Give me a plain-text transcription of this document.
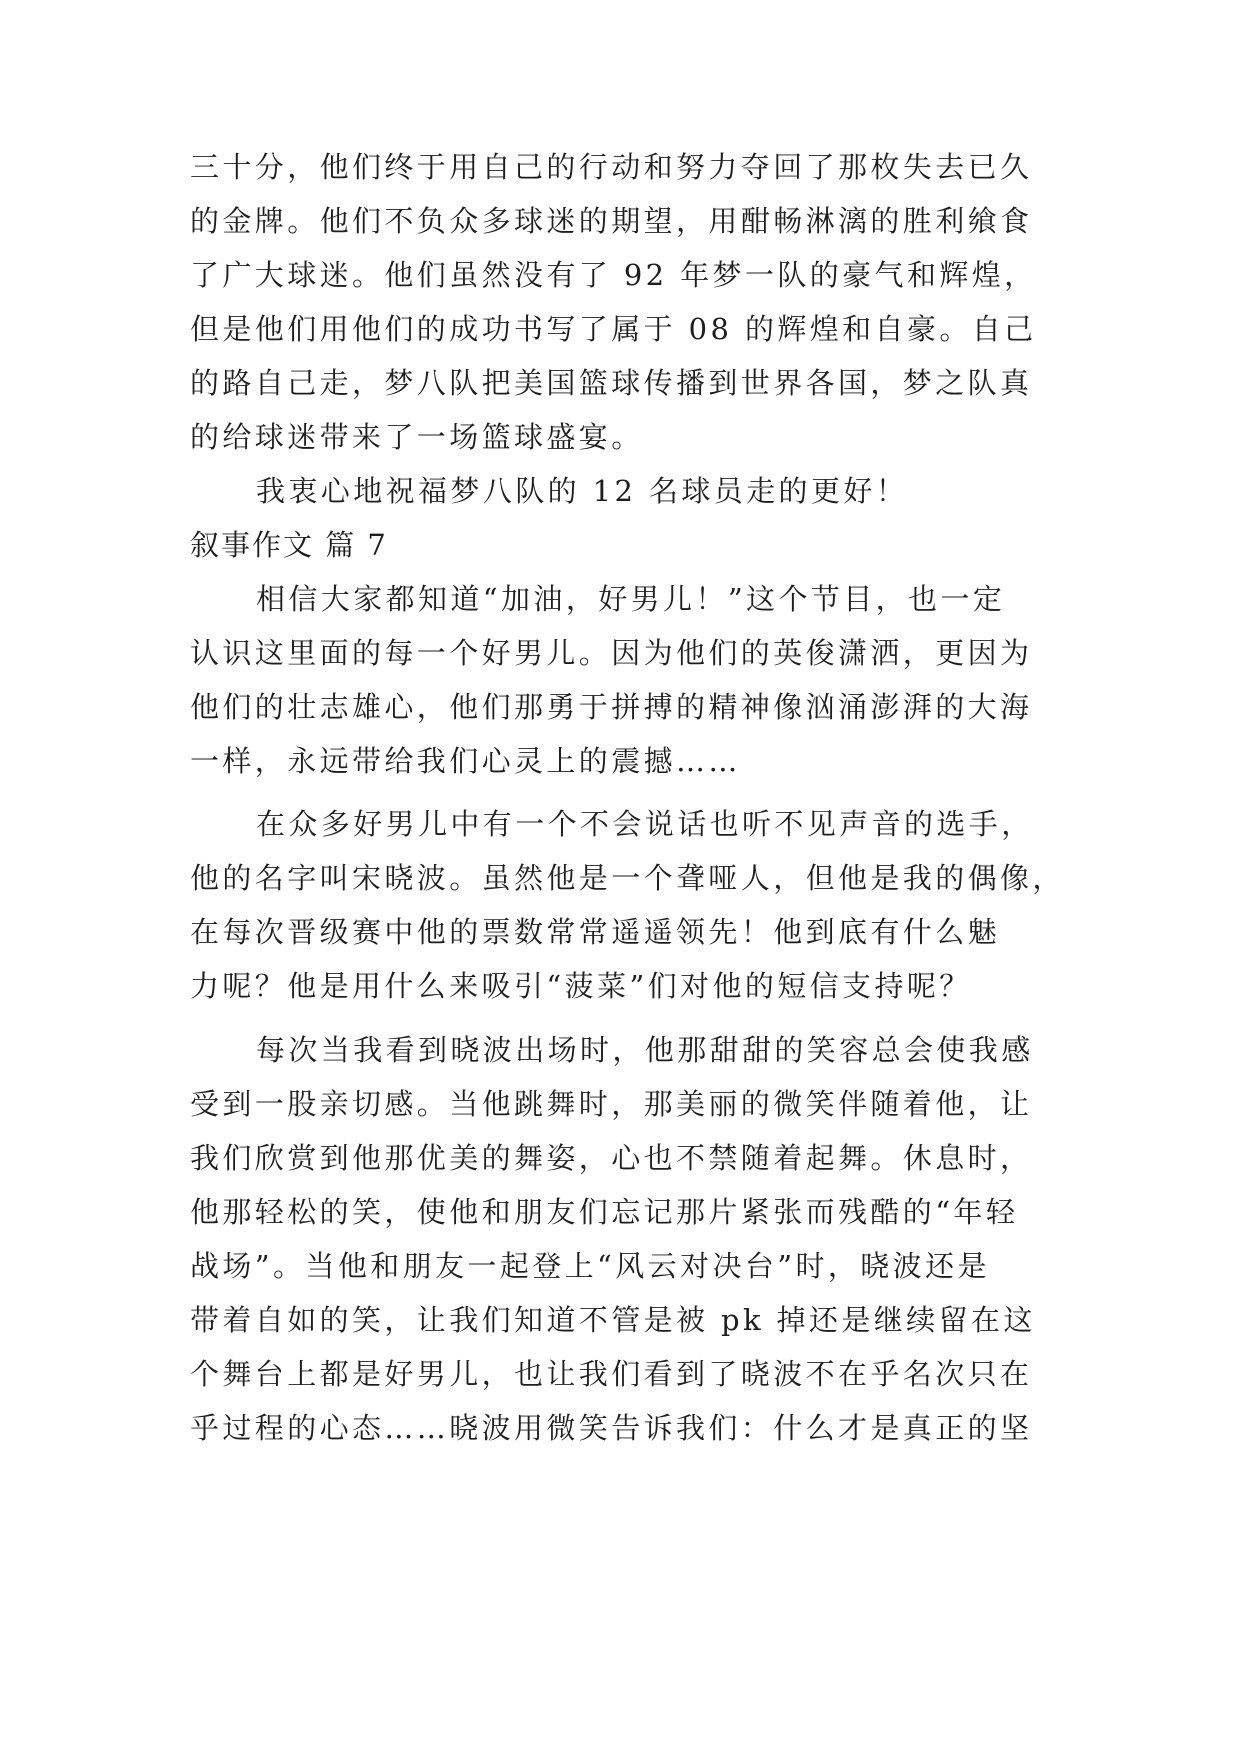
三十分，他们终于用自己的行动和努力夺回了那枚失去已久
的金牌。他们不负众多球迷的期望，用酣畅淋漓的胜利飨食
了广大球迷。他们虽然没有了 92 年梦一队的豪气和辉煌，
但是他们用他们的成功书写了属于 08 的辉煌和自豪。自己
的路自己走，梦八队把美国篮球传播到世界各国，梦之队真
的给球迷带来了一场篮球盛宴。
我衷心地祝福梦八队的 12 名球员走的更好！
叙事作文 篇 7
相信大家都知道“加油，好男儿！”这个节目，也一定
认识这里面的每一个好男儿。因为他们的英俊潇洒，更因为
他们的壮志雄心，他们那勇于拼搏的精神像汹涌澎湃的大海
一样，永远带给我们心灵上的震撼……
在众多好男儿中有一个不会说话也听不见声音的选手，
他的名字叫宋晓波。虽然他是一个聋哑人，但他是我的偶像，
在每次晋级赛中他的票数常常遥遥领先！他到底有什么魅
力呢？他是用什么来吸引“菠菜”们对他的短信支持呢？
每次当我看到晓波出场时，他那甜甜的笑容总会使我感
受到一股亲切感。当他跳舞时，那美丽的微笑伴随着他，让
我们欣赏到他那优美的舞姿，心也不禁随着起舞。休息时，
他那轻松的笑，使他和朋友们忘记那片紧张而残酷的“年轻
战场”。当他和朋友一起登上“风云对决台”时，晓波还是
带着自如的笑，让我们知道不管是被 pk 掉还是继续留在这
个舞台上都是好男儿，也让我们看到了晓波不在乎名次只在
乎过程的心态……晓波用微笑告诉我们：什么才是真正的坚
